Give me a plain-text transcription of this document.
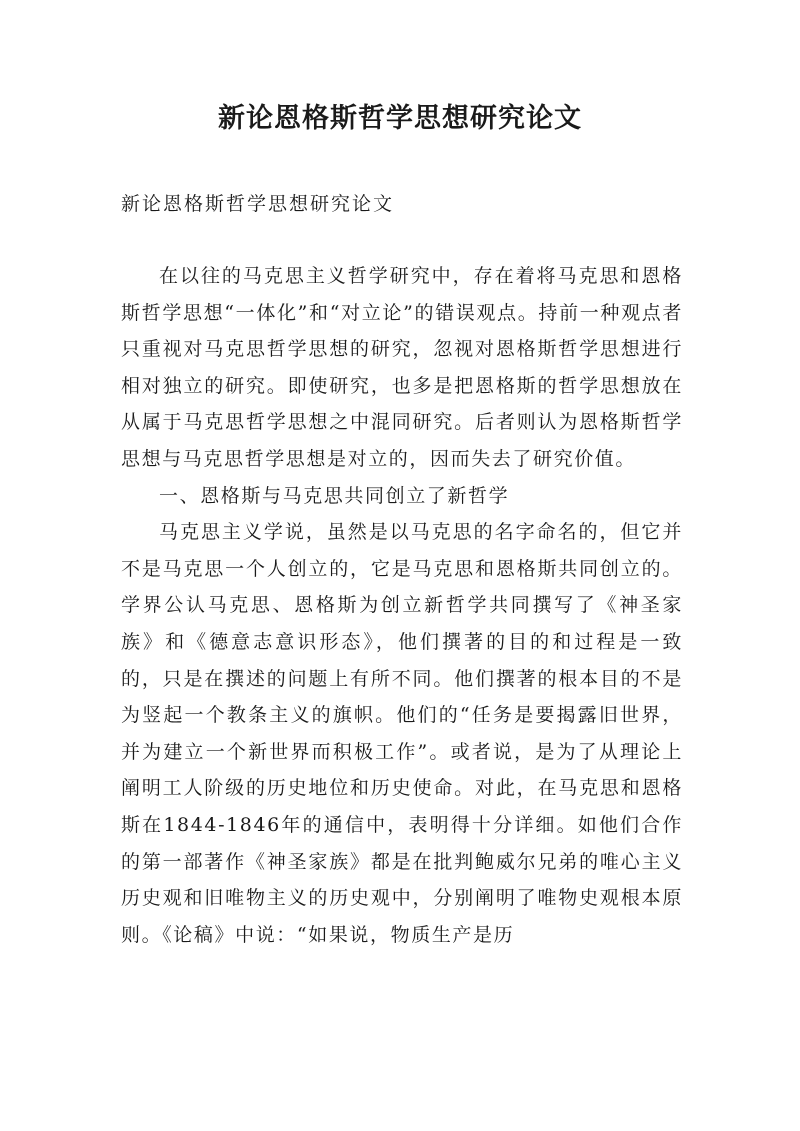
新论恩格斯哲学思想研究论文

新论恩格斯哲学思想研究论文

在以往的马克思主义哲学研究中，存在着将马克思和恩格斯哲学思想“一体化”和“对立论”的错误观点。持前一种观点者只重视对马克思哲学思想的研究，忽视对恩格斯哲学思想进行相对独立的研究。即使研究，也多是把恩格斯的哲学思想放在从属于马克思哲学思想之中混同研究。后者则认为恩格斯哲学思想与马克思哲学思想是对立的，因而失去了研究价值。

一、恩格斯与马克思共同创立了新哲学

马克思主义学说，虽然是以马克思的名字命名的，但它并不是马克思一个人创立的，它是马克思和恩格斯共同创立的。学界公认马克思、恩格斯为创立新哲学共同撰写了《神圣家族》和《德意志意识形态》，他们撰著的目的和过程是一致的，只是在撰述的问题上有所不同。他们撰著的根本目的不是为竖起一个教条主义的旗帜。他们的“任务是要揭露旧世界，并为建立一个新世界而积极工作”。或者说，是为了从理论上阐明工人阶级的历史地位和历史使命。对此，在马克思和恩格斯在1844-1846年的通信中，表明得十分详细。如他们合作的第一部著作《神圣家族》都是在批判鲍威尔兄弟的唯心主义历史观和旧唯物主义的历史观中，分别阐明了唯物史观根本原则。《论稿》中说：“如果说，物质生产是历
